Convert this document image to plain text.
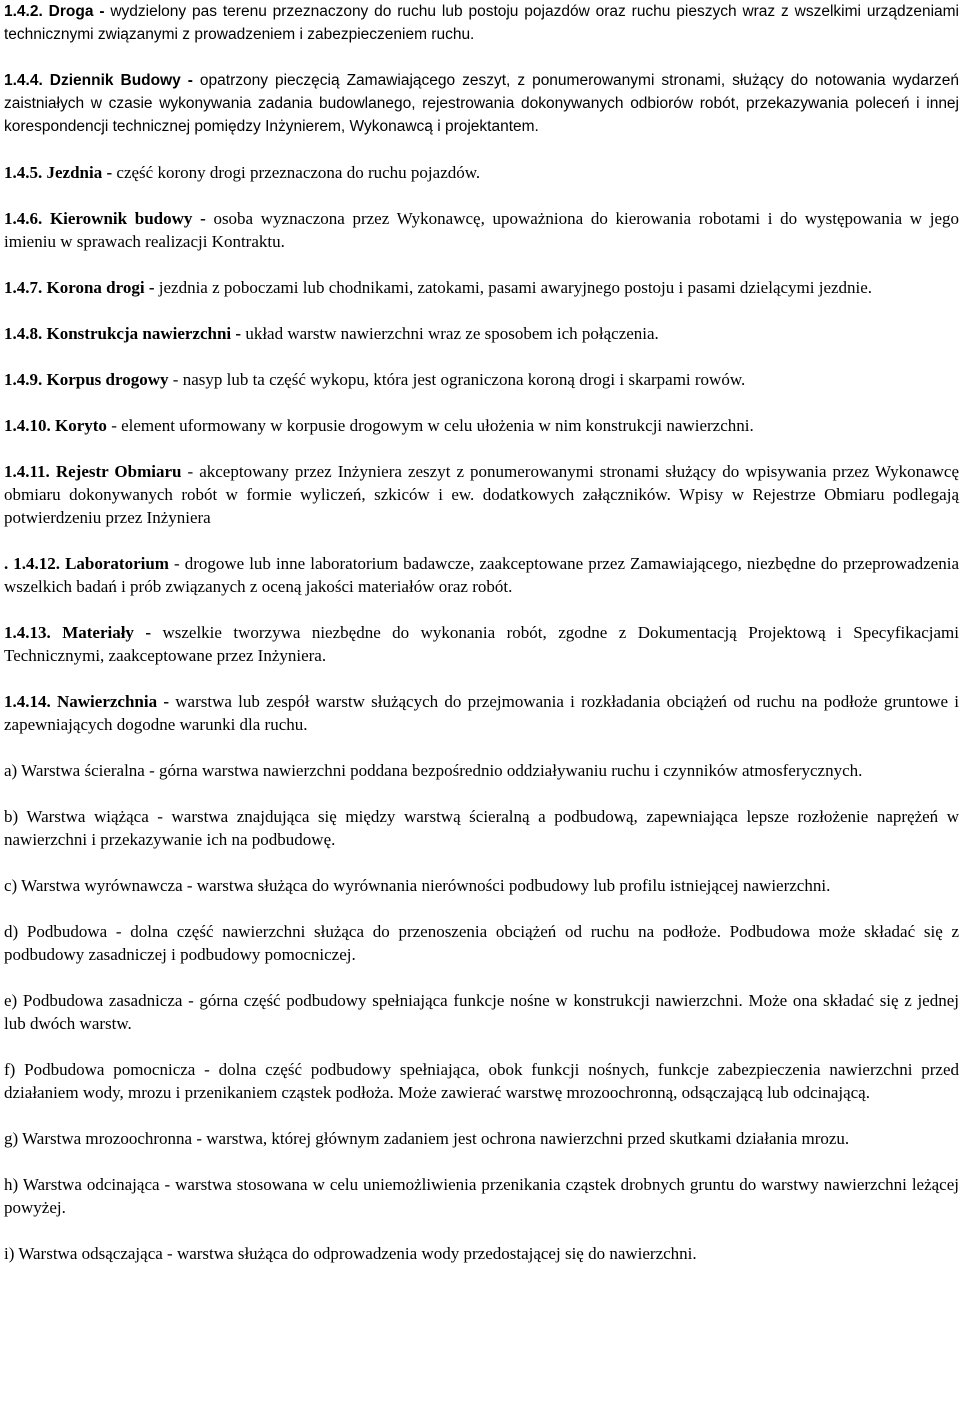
1.4.2. Droga - wydzielony pas terenu przeznaczony do ruchu lub postoju pojazdów oraz ruchu pieszych wraz z wszelkimi urządzeniami technicznymi związanymi z prowadzeniem i zabezpieczeniem ruchu.

1.4.4. Dziennik Budowy - opatrzony pieczęcią Zamawiającego zeszyt, z ponumerowanymi stronami, służący do notowania wydarzeń zaistniałych w czasie wykonywania zadania budowlanego, rejestrowania dokonywanych odbiorów robót, przekazywania poleceń i innej korespondencji technicznej pomiędzy Inżynierem, Wykonawcą i projektantem.

1.4.5. Jezdnia - część korony drogi przeznaczona do ruchu pojazdów.

1.4.6. Kierownik budowy - osoba wyznaczona przez Wykonawcę, upoważniona do kierowania robotami i do występowania w jego imieniu w sprawach realizacji Kontraktu.

1.4.7. Korona drogi - jezdnia z poboczami lub chodnikami, zatokami, pasami awaryjnego postoju i pasami dzielącymi jezdnie.

1.4.8. Konstrukcja nawierzchni - układ warstw nawierzchni wraz ze sposobem ich połączenia.

1.4.9. Korpus drogowy - nasyp lub ta część wykopu, która jest ograniczona koroną drogi i skarpami rowów.

1.4.10. Koryto - element uformowany w korpusie drogowym w celu ułożenia w nim konstrukcji nawierzchni.

1.4.11. Rejestr Obmiaru - akceptowany przez Inżyniera zeszyt z ponumerowanymi stronami służący do wpisywania przez Wykonawcę obmiaru dokonywanych robót w formie wyliczeń, szkiców i ew. dodatkowych załączników. Wpisy w Rejestrze Obmiaru podlegają potwierdzeniu przez Inżyniera

. 1.4.12. Laboratorium - drogowe lub inne laboratorium badawcze, zaakceptowane przez Zamawiającego, niezbędne do przeprowadzenia wszelkich badań i prób związanych z oceną jakości materiałów oraz robót.

1.4.13. Materiały - wszelkie tworzywa niezbędne do wykonania robót, zgodne z Dokumentacją Projektową i Specyfikacjami Technicznymi, zaakceptowane przez Inżyniera.

1.4.14. Nawierzchnia - warstwa lub zespół warstw służących do przejmowania i rozkładania obciążeń od ruchu na podłoże gruntowe i zapewniających dogodne warunki dla ruchu.

a) Warstwa ścieralna - górna warstwa nawierzchni poddana bezpośrednio oddziaływaniu ruchu i czynników atmosferycznych.

b) Warstwa wiążąca - warstwa znajdująca się między warstwą ścieralną a podbudową, zapewniająca lepsze rozłożenie naprężeń w nawierzchni i przekazywanie ich na podbudowę.

c) Warstwa wyrównawcza - warstwa służąca do wyrównania nierówności podbudowy lub profilu istniejącej nawierzchni.

d) Podbudowa - dolna część nawierzchni służąca do przenoszenia obciążeń od ruchu na podłoże. Podbudowa może składać się z podbudowy zasadniczej i podbudowy pomocniczej.

e) Podbudowa zasadnicza - górna część podbudowy spełniająca funkcje nośne w konstrukcji nawierzchni. Może ona składać się z jednej lub dwóch warstw.

f) Podbudowa pomocnicza - dolna część podbudowy spełniająca, obok funkcji nośnych, funkcje zabezpieczenia nawierzchni przed działaniem wody, mrozu i przenikaniem cząstek podłoża. Może zawierać warstwę mrozoochronną, odsączającą lub odcinającą.

g) Warstwa mrozoochronna - warstwa, której głównym zadaniem jest ochrona nawierzchni przed skutkami działania mrozu.

h) Warstwa odcinająca - warstwa stosowana w celu uniemożliwienia przenikania cząstek drobnych gruntu do warstwy nawierzchni leżącej powyżej.

i) Warstwa odsączająca - warstwa służąca do odprowadzenia wody przedostającej się do nawierzchni.
